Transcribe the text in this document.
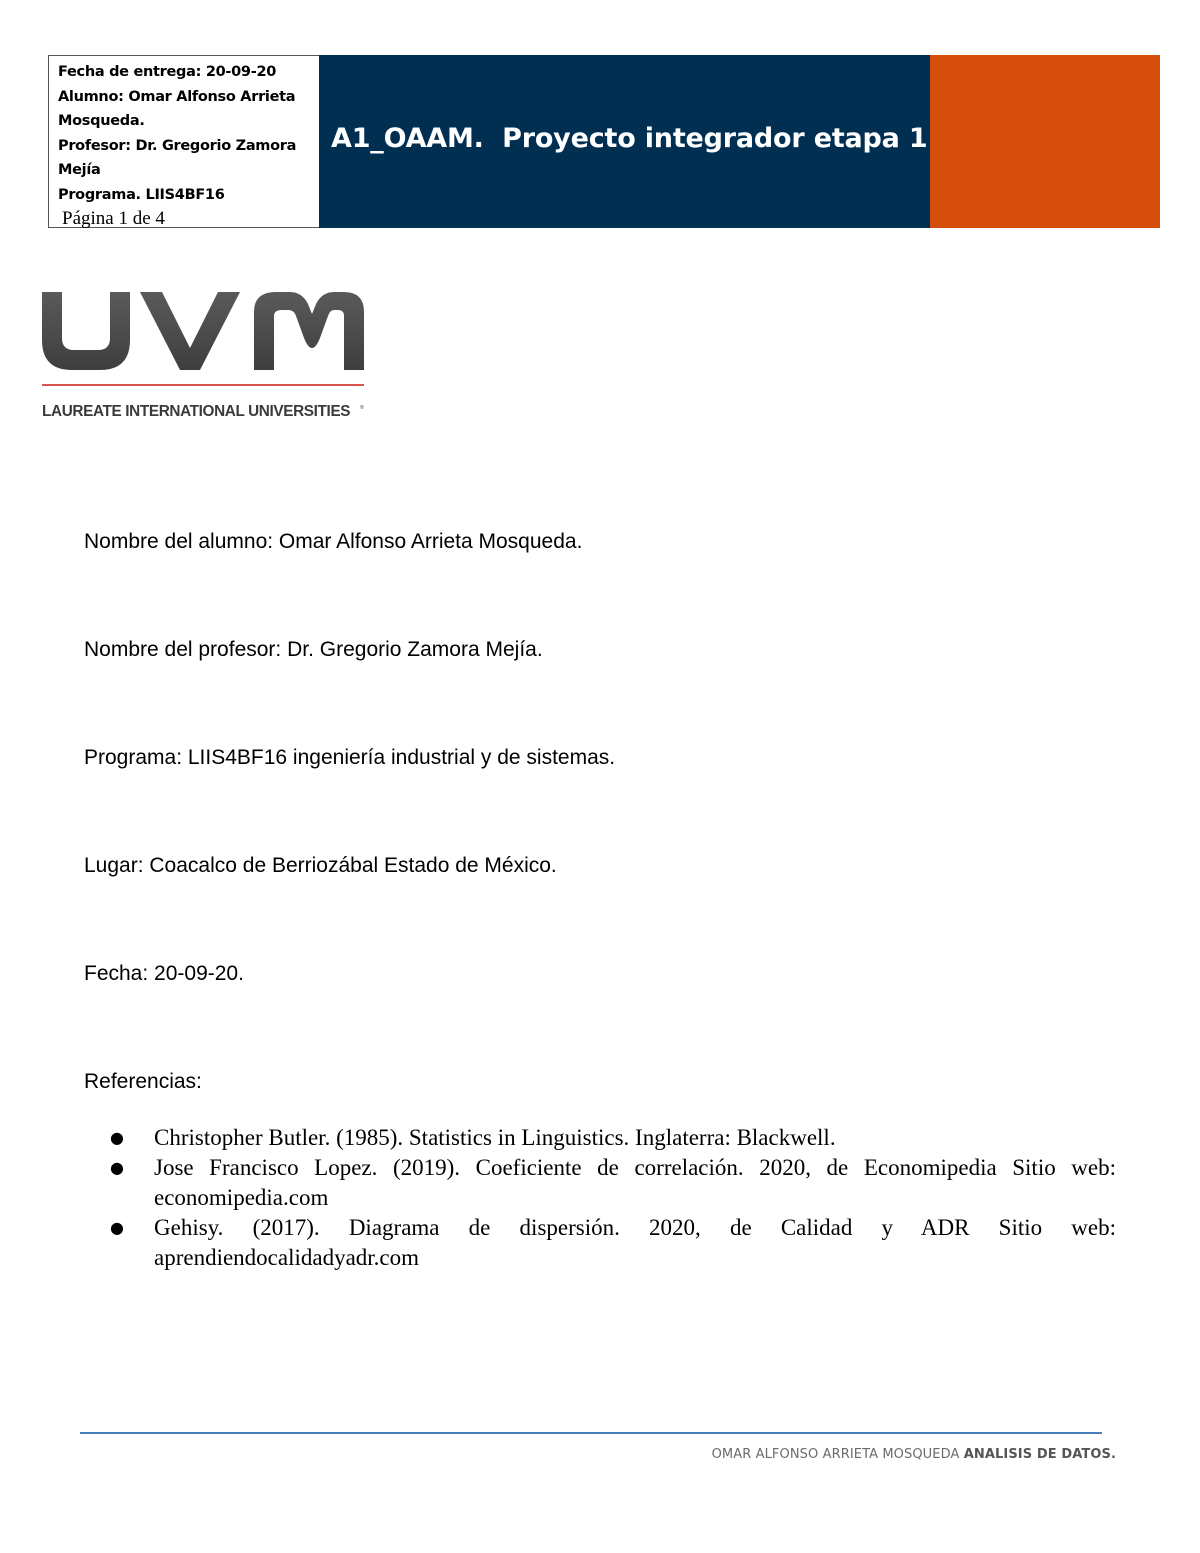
Fecha de entrega: 20-09-20
Alumno: Omar Alfonso Arrieta
Mosqueda.
Profesor: Dr. Gregorio Zamora
Mejía
Programa. LIIS4BF16
Página 1 de 4
A1_OAAM.  Proyecto integrador etapa 1
LAUREATE INTERNATIONAL UNIVERSITIES ®
Nombre del alumno: Omar Alfonso Arrieta Mosqueda.
Nombre del profesor: Dr. Gregorio Zamora Mejía.
Programa: LIIS4BF16 ingeniería industrial y de sistemas.
Lugar: Coacalco de Berriozábal Estado de México.
Fecha: 20-09-20.
Referencias:
● Christopher Butler. (1985). Statistics in Linguistics. Inglaterra: Blackwell.
● Jose Francisco Lopez. (2019). Coeficiente de correlación. 2020, de Economipedia Sitio web: economipedia.com
● Gehisy. (2017). Diagrama de dispersión. 2020, de Calidad y ADR Sitio web: aprendiendocalidadyadr.com
OMAR ALFONSO ARRIETA MOSQUEDA ANALISIS DE DATOS.
